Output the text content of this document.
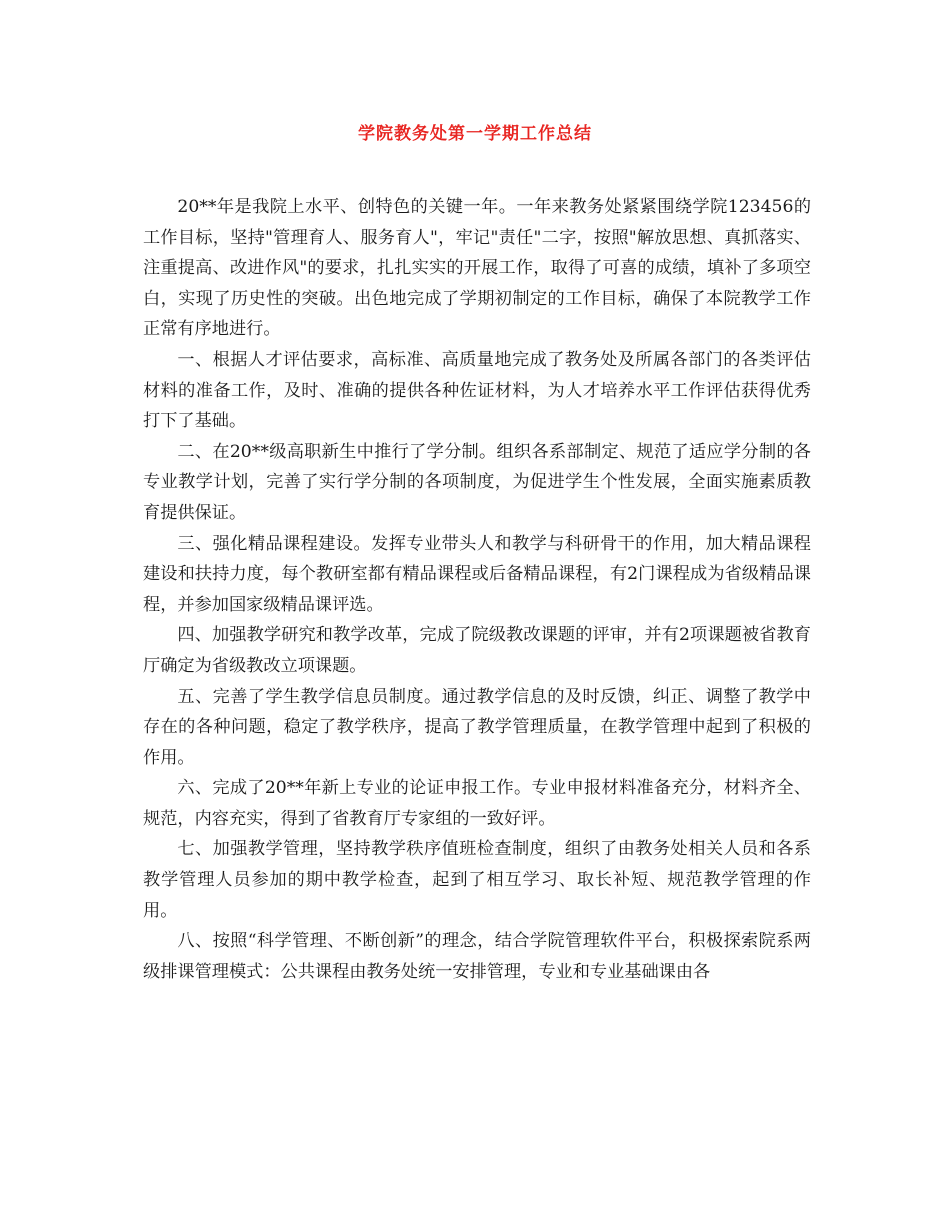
学院教务处第一学期工作总结

20**年是我院上水平、创特色的关键一年。一年来教务处紧紧围绕学院123456的工作目标，坚持"管理育人、服务育人"，牢记"责任"二字，按照"解放思想、真抓落实、注重提高、改进作风"的要求，扎扎实实的开展工作，取得了可喜的成绩，填补了多项空白，实现了历史性的突破。出色地完成了学期初制定的工作目标，确保了本院教学工作正常有序地进行。

一、根据人才评估要求，高标准、高质量地完成了教务处及所属各部门的各类评估材料的准备工作，及时、准确的提供各种佐证材料，为人才培养水平工作评估获得优秀打下了基础。

二、在20**级高职新生中推行了学分制。组织各系部制定、规范了适应学分制的各专业教学计划，完善了实行学分制的各项制度，为促进学生个性发展，全面实施素质教育提供保证。

三、强化精品课程建设。发挥专业带头人和教学与科研骨干的作用，加大精品课程建设和扶持力度，每个教研室都有精品课程或后备精品课程，有2门课程成为省级精品课程，并参加国家级精品课评选。

四、加强教学研究和教学改革，完成了院级教改课题的评审，并有2项课题被省教育厅确定为省级教改立项课题。

五、完善了学生教学信息员制度。通过教学信息的及时反馈，纠正、调整了教学中存在的各种问题，稳定了教学秩序，提高了教学管理质量，在教学管理中起到了积极的作用。

六、完成了20**年新上专业的论证申报工作。专业申报材料准备充分，材料齐全、规范，内容充实，得到了省教育厅专家组的一致好评。

七、加强教学管理，坚持教学秩序值班检查制度，组织了由教务处相关人员和各系教学管理人员参加的期中教学检查，起到了相互学习、取长补短、规范教学管理的作用。

八、按照“科学管理、不断创新”的理念，结合学院管理软件平台，积极探索院系两级排课管理模式：公共课程由教务处统一安排管理，专业和专业基础课由各
